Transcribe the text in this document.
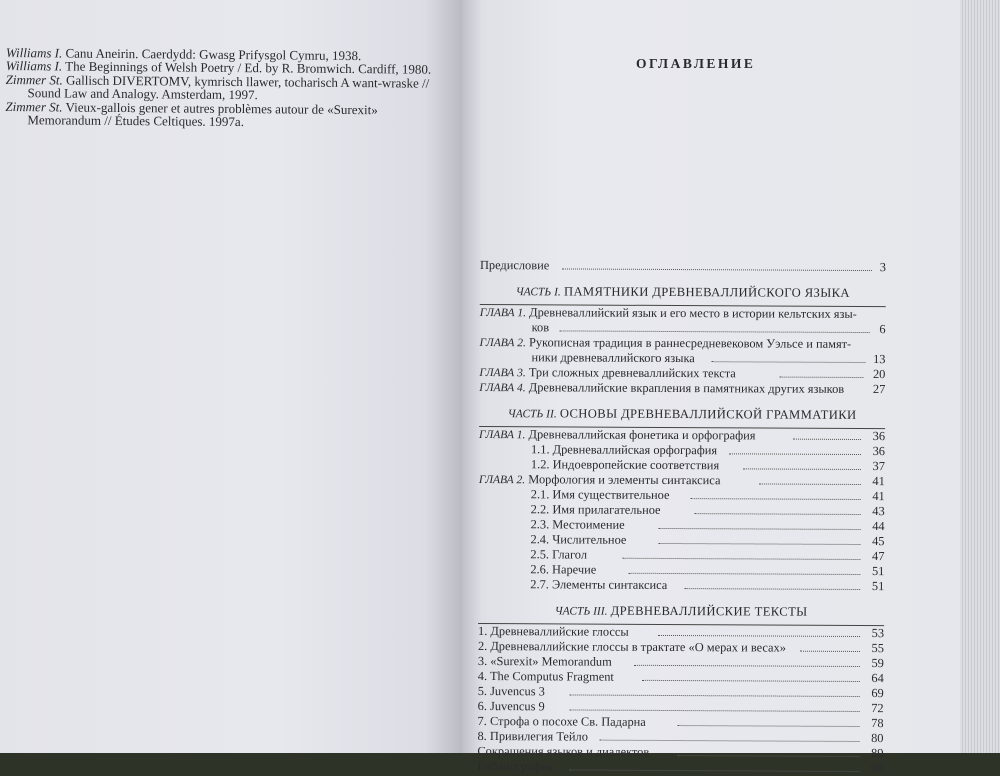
Williams I. Canu Aneirin. Caerdydd: Gwasg Prifysgol Cymru, 1938.
Williams I. The Beginnings of Welsh Poetry / Ed. by R. Bromwich. Cardiff, 1980.
Zimmer St. Gallisch DIVERTOMV, kymrisch llawer, tocharisch A want-wraske // Sound Law and Analogy. Amsterdam, 1997.
Zimmer St. Vieux-gallois gener et autres problèmes autour de «Surexit» Memorandum // Études Celtiques. 1997a.
ОГЛАВЛЕНИЕ
Предисловие	3
ЧАСТЬ I. ПАМЯТНИКИ ДРЕВНЕВАЛЛИЙСКОГО ЯЗЫКА
ГЛАВА 1. Древневаллийский язык и его место в истории кельтских язы-
ков	6
ГЛАВА 2. Рукописная традиция в раннесредневековом Уэльсе и памят-
ники древневаллийского языка	13
ГЛАВА 3. Три сложных древневаллийских текста	20
ГЛАВА 4. Древневаллийские вкрапления в памятниках других языков 27
ЧАСТЬ II. ОСНОВЫ ДРЕВНЕВАЛЛИЙСКОЙ ГРАММАТИКИ
ГЛАВА 1. Древневаллийская фонетика и орфография	36
1.1. Древневаллийская орфография	36
1.2. Индоевропейские соответствия	37
ГЛАВА 2. Морфология и элементы синтаксиса	41
2.1. Имя существительное	41
2.2. Имя прилагательное	43
2.3. Местоимение	44
2.4. Числительное	45
2.5. Глагол	47
2.6. Наречие	51
2.7. Элементы синтаксиса	51
ЧАСТЬ III. ДРЕВНЕВАЛЛИЙСКИЕ ТЕКСТЫ
1. Древневаллийские глоссы	53
2. Древневаллийские глоссы в трактате «О мерах и весах»	55
3. «Surexit» Memorandum	59
4. The Computus Fragment	64
5. Juvencus 3	69
6. Juvencus 9	72
7. Строфа о посохе Св. Падарна	78
8. Привилегия Тейло	80
Сокращения языков и диалектов	89
Библиография	90
